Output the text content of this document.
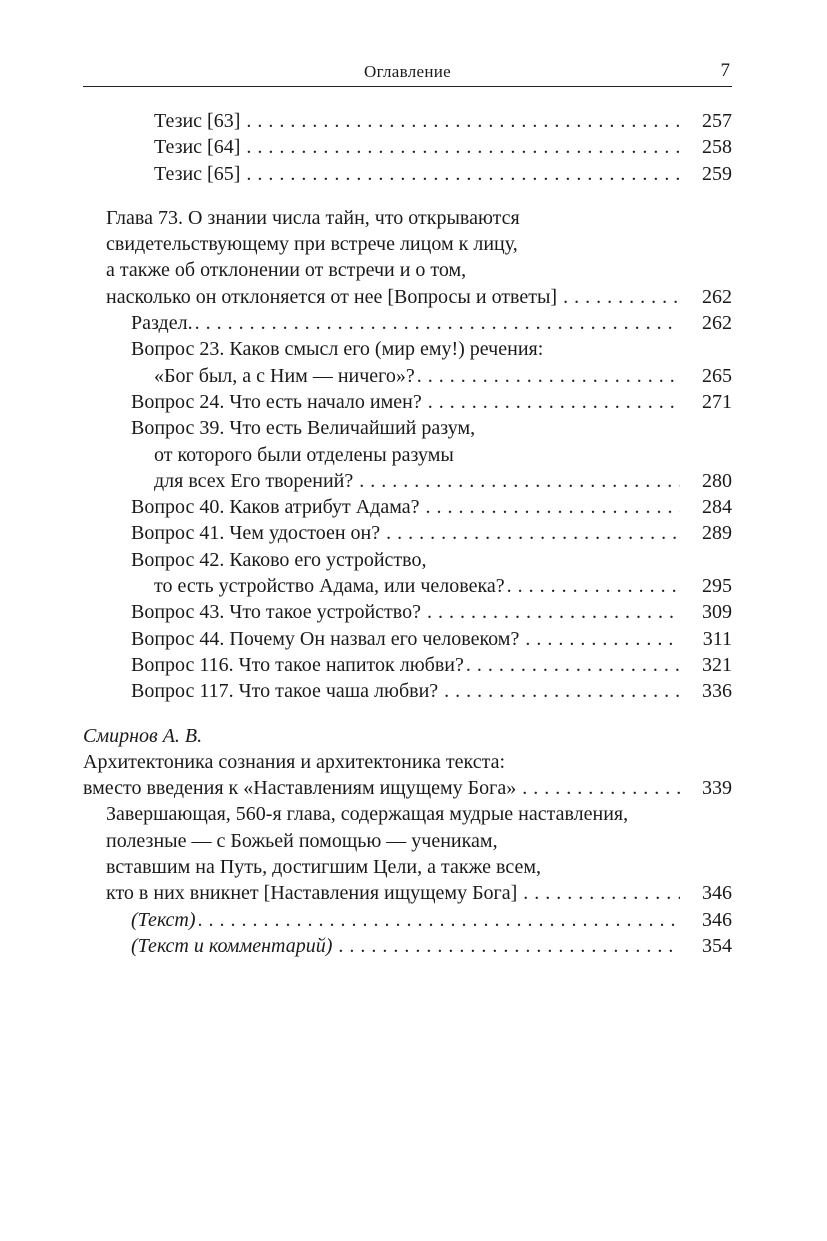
Оглавление	7
Тезис [63] . . .	257
Тезис [64] . . .	258
Тезис [65] . . .	259
Глава 73. О знании числа тайн, что открываются
свидетельствующему при встрече лицом к лицу,
а также об отклонении от встречи и о том,
насколько он отклоняется от нее [Вопросы и ответы] . . .	262
Раздел. . . .	262
Вопрос 23. Каков смысл его (мир ему!) речения:
«Бог был, а с Ним — ничего»? . . .	265
Вопрос 24. Что есть начало имен? . . .	271
Вопрос 39. Что есть Величайший разум,
от которого были отделены разумы
для всех Его творений? . . .	280
Вопрос 40. Каков атрибут Адама? . . .	284
Вопрос 41. Чем удостоен он? . . .	289
Вопрос 42. Каково его устройство,
то есть устройство Адама, или человека? . . .	295
Вопрос 43. Что такое устройство? . . .	309
Вопрос 44. Почему Он назвал его человеком? . . .	311
Вопрос 116. Что такое напиток любви? . . .	321
Вопрос 117. Что такое чаша любви? . . .	336
Смирнов А. В.
Архитектоника сознания и архитектоника текста:
вместо введения к «Наставлениям ищущему Бога» . . .	339
Завершающая, 560-я глава, содержащая мудрые наставления,
полезные — с Божьей помощью — ученикам,
вставшим на Путь, достигшим Цели, а также всем,
кто в них вникнет [Наставления ищущему Бога] . . .	346
(Текст) . . .	346
(Текст и комментарий) . . .	354
